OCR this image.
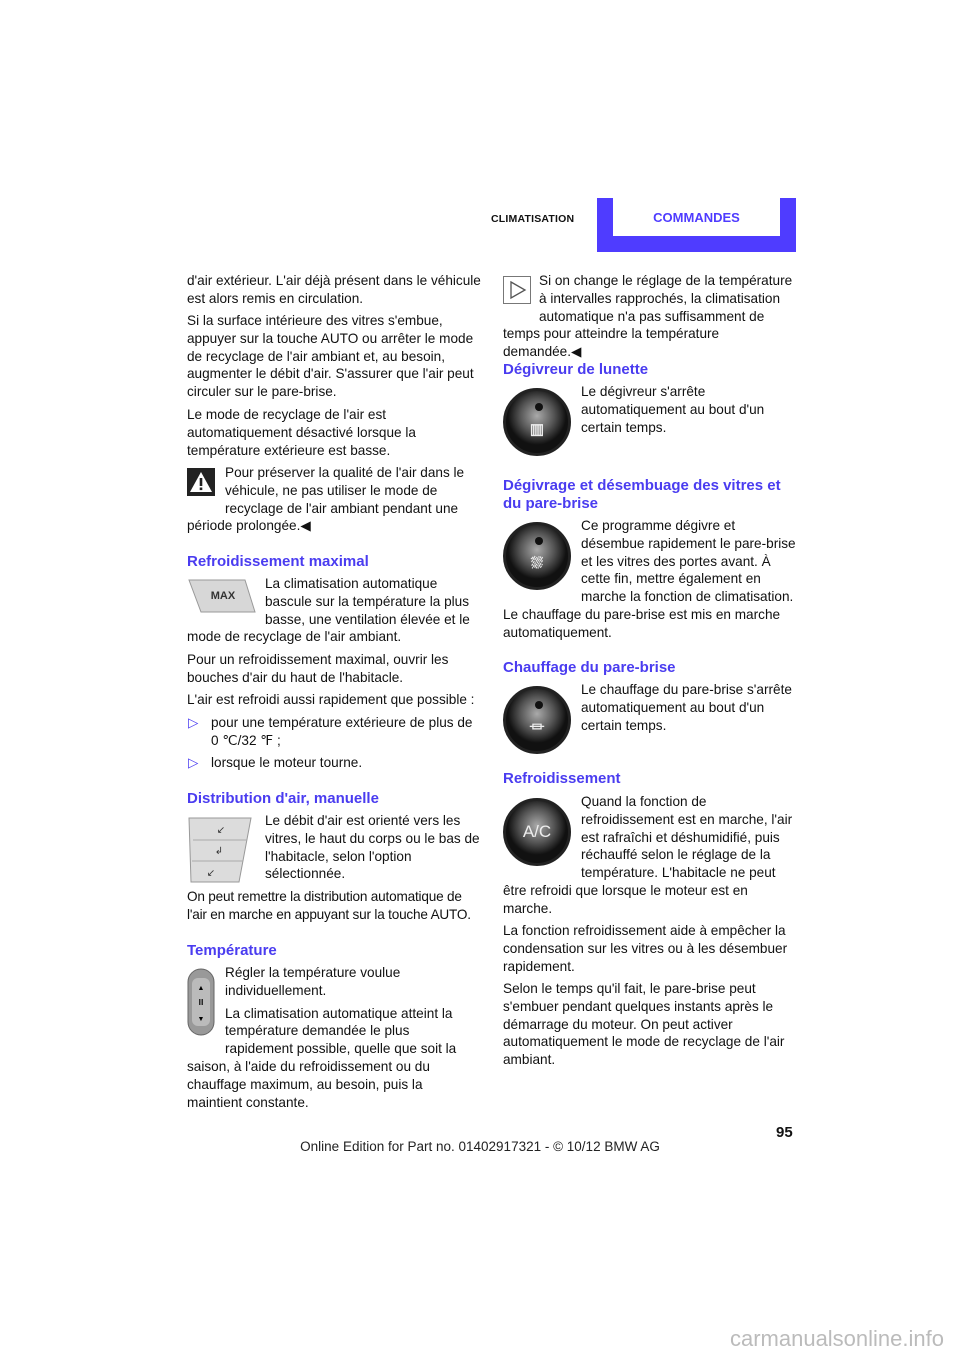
CLIMATISATION	COMMANDES
d'air extérieur. L'air déjà présent dans le véhicule est alors remis en circulation.
Si la surface intérieure des vitres s'embue, appuyer sur la touche AUTO ou arrêter le mode de recyclage de l'air ambiant et, au besoin, augmenter le débit d'air. S'assurer que l'air peut circuler sur le pare-brise.
Le mode de recyclage de l'air est automatiquement désactivé lorsque la température extérieure est basse.
Pour préserver la qualité de l'air dans le véhicule, ne pas utiliser le mode de recyclage de l'air ambiant pendant une période prolongée.◀
Refroidissement maximal
MAX
La climatisation automatique bascule sur la température la plus basse, une ventilation élevée et le mode de recyclage de l'air ambiant.
Pour un refroidissement maximal, ouvrir les bouches d'air du haut de l'habitacle.
L'air est refroidi aussi rapidement que possible :
▷ pour une température extérieure de plus de 0 ℃/32 ℉ ;
▷ lorsque le moteur tourne.
Distribution d'air, manuelle
↙
↲
↙
Le débit d'air est orienté vers les vitres, le haut du corps ou le bas de l'habitacle, selon l'option sélectionnée.
On peut remettre la distribution automatique de l'air en marche en appuyant sur la touche AUTO.
Température
▲
Ⅲ
▼

Régler la température voulue individuellement.

La climatisation automatique atteint la température demandée le plus rapidement possible, quelle que soit la saison, à l'aide du refroidissement ou du chauffage maximum, au besoin, puis la maintient constante.

Si on change le réglage de la température à intervalles rapprochés, la climatisation automatique n'a pas suffisamment de temps pour atteindre la température demandée.◀
Dégivreur de lunette
▥
Le dégivreur s'arrête automatiquement au bout d'un certain temps.
Dégivrage et désembuage des vitres et du pare-brise
⛆

Ce programme dégivre et désembue rapidement le pare-brise et les vitres des portes avant. À cette fin, mettre également en marche la fonction de climatisation.

Le chauffage du pare-brise est mis en marche automatiquement.

Chauffage du pare-brise
⏛
Le chauffage du pare-brise s'arrête automatiquement au bout d'un certain temps.
Refroidissement
A/C
Quand la fonction de refroidissement est en marche, l'air est rafraîchi et déshumidifié, puis réchauffé selon le réglage de la température. L'habitacle ne peut être refroidi que lorsque le moteur est en marche.
La fonction refroidissement aide à empêcher la condensation sur les vitres ou à les désembuer rapidement.
Selon le temps qu'il fait, le pare-brise peut s'embuer pendant quelques instants après le démarrage du moteur. On peut activer automatiquement le mode de recyclage de l'air ambiant.
95
Online Edition for Part no. 01402917321 - © 10/12 BMW AG
carmanualsonline.info
